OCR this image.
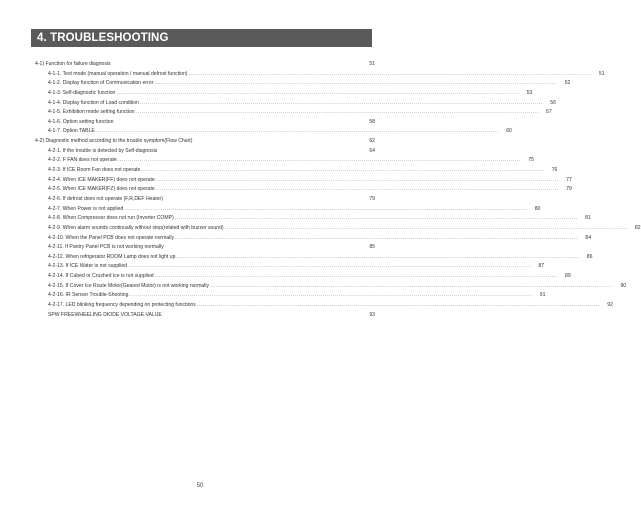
4. TROUBLESHOOTING
4-1) Function for failure diagnosis	51
4-1-1. Test mode (manual operation / manual defrost function) ........................................................................................................................................................................................................	51
4-1-2. Display function of Communication error ........................................................................................................................................................................................................	52
4-1-3. Self-diagnostic function ........................................................................................................................................................................................................	53
4-1-4. Display function of Load condition ........................................................................................................................................................................................................	56
4-1-5. Exhibition mode setting function ........................................................................................................................................................................................................	57
4-1-6. Option setting function	58
4-1-7. Option TABLE ........................................................................................................................................................................................................	60
4-2) Diagnostic method according to the trouble symptom(Flow Chart)	62
4-2-1. If the trouble is detected by Self-diagnosis	64
4-2-2. F FAN does not operate ........................................................................................................................................................................................................	75
4-2-3. If ICE Room Fan does not operate ........................................................................................................................................................................................................	76
4-2-4. When ICE MAKER(FF) does not operate ........................................................................................................................................................................................................	77
4-2-5. When ICE MAKER(FZ) does not operate ........................................................................................................................................................................................................	79
4-2-6. If defrost does not operate (F,R,DEF Heater)	79
4-2-7. When Power is not applied ........................................................................................................................................................................................................	80
4-2-8. When Compressor does not run (Inverter COMP) ........................................................................................................................................................................................................	81
4-2-9. When alarm sounds continually without stop(related with buzzer sound) ........................................................................................................................................................................................................	82
4-2-10. When the Panel PCB does not operate normally ........................................................................................................................................................................................................	84
4-2-11. If Pantry Panel PCB is not working normally	85
4-2-12. When refrigerator ROOM Lamp does not light up ........................................................................................................................................................................................................	86
4-2-13. If ICE Water is not supplied ........................................................................................................................................................................................................	87
4-2-14. If Cubed or Crushed Ice is not supplied ........................................................................................................................................................................................................	89
4-2-15. If Cover Ice Route Motor(Geared Motor) is not working normally ........................................................................................................................................................................................................	90
4-2-16. IR Sensor Trouble-Shooting ........................................................................................................................................................................................................	91
4-2-17. LED blinking frequency depending on protecting functions ........................................................................................................................................................................................................	92
SPW FREEWHEELING DIODE VOLTAGE VALUE	93
50
